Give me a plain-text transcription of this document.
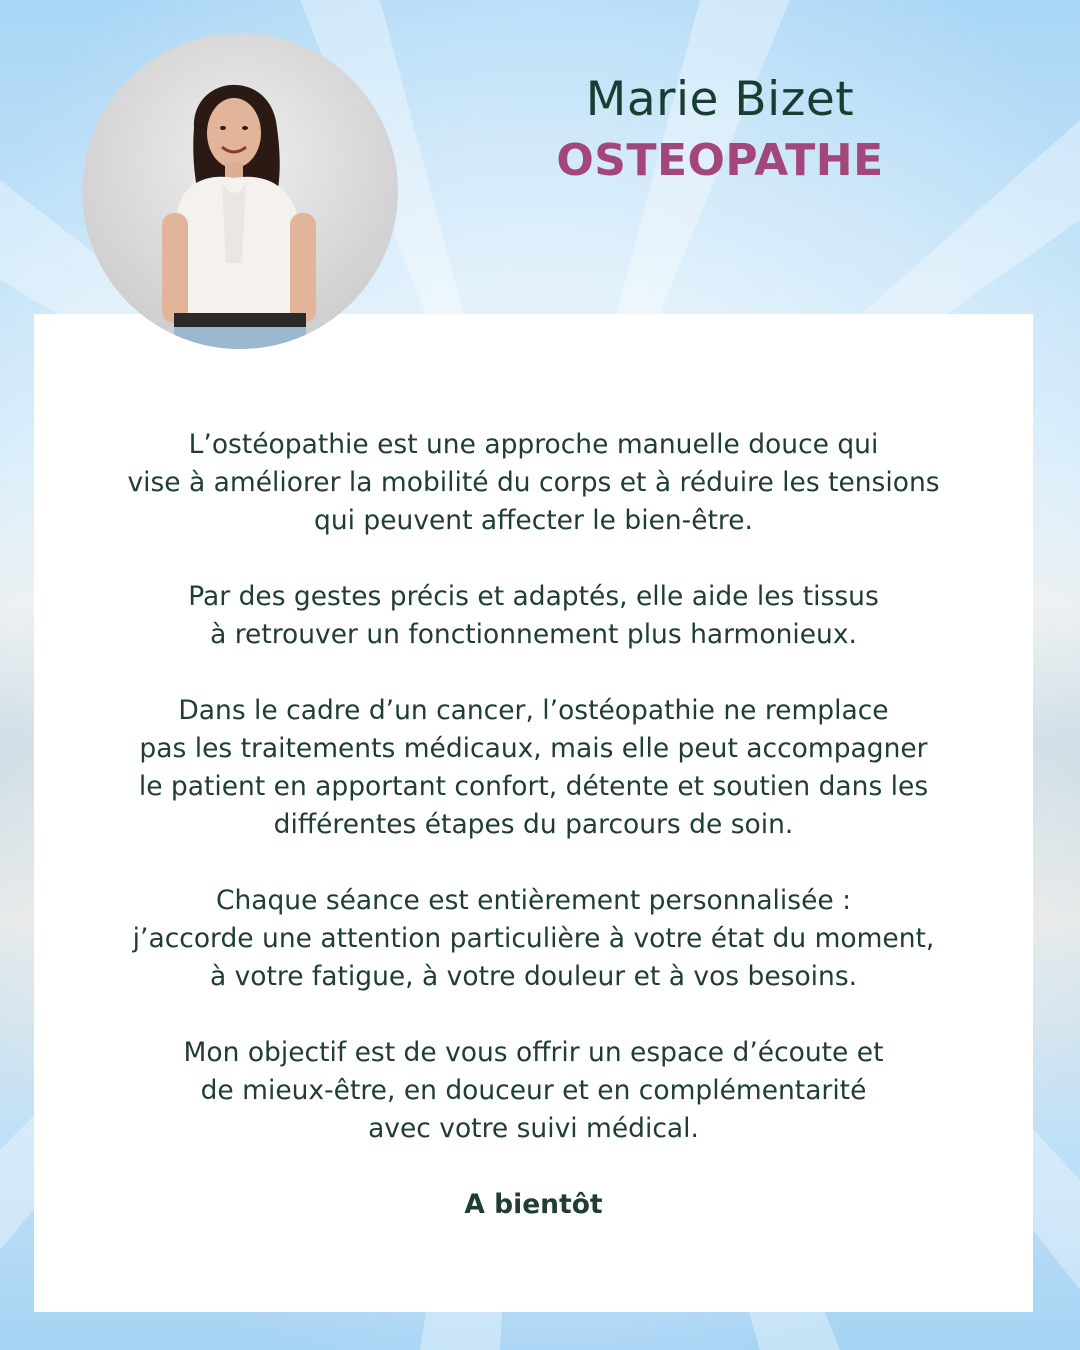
L’ostéopathie est une approche manuelle douce qui
vise à améliorer la mobilité du corps et à réduire les tensions
qui peuvent affecter le bien-être.
Par des gestes précis et adaptés, elle aide les tissus
à retrouver un fonctionnement plus harmonieux.
Dans le cadre d’un cancer, l’ostéopathie ne remplace
pas les traitements médicaux, mais elle peut accompagner
le patient en apportant confort, détente et soutien dans les
différentes étapes du parcours de soin.
Chaque séance est entièrement personnalisée :
j’accorde une attention particulière à votre état du moment,
à votre fatigue, à votre douleur et à vos besoins.
Mon objectif est de vous offrir un espace d’écoute et
de mieux-être, en douceur et en complémentarité
avec votre suivi médical.
A bientôt
Marie Bizet
OSTEOPATHE
